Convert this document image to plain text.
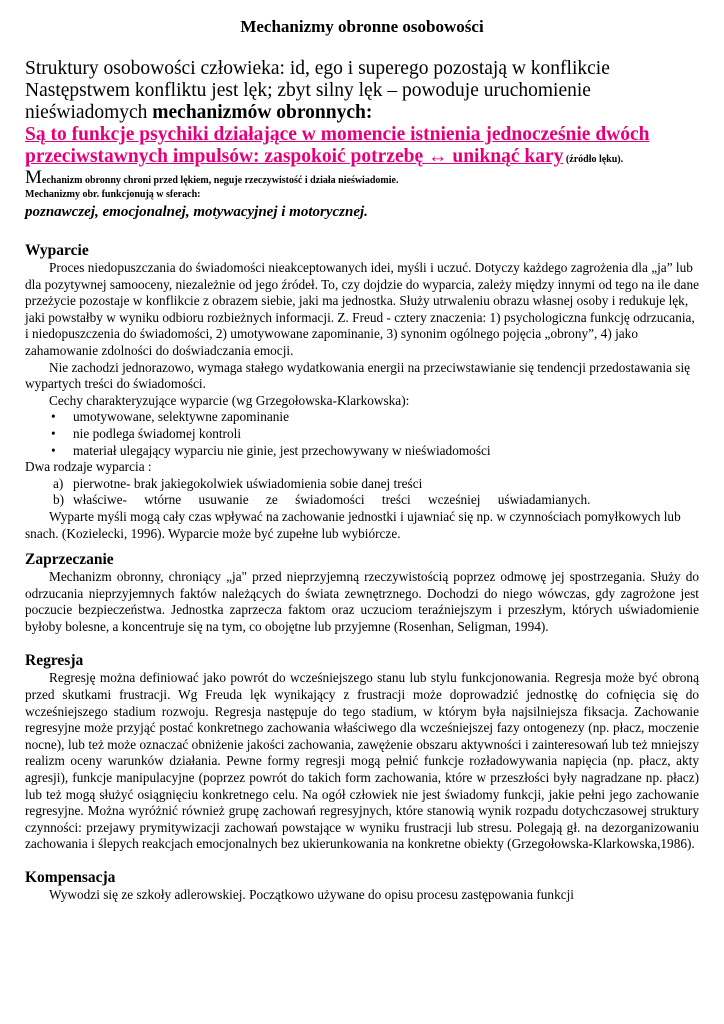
Mechanizmy obronne osobowości
Struktury osobowości człowieka: id, ego i superego pozostają w konflikcie
Następstwem konfliktu jest lęk; zbyt silny lęk – powoduje uruchomienie
nieświadomych mechanizmów obronnych:
Są to funkcje psychiki działające w momencie istnienia jednocześnie dwóch przeciwstawnych impulsów: zaspokoić potrzebę ↔ uniknąć kary (źródło lęku).
Mechanizm obronny chroni przed lękiem, neguje rzeczywistość i działa nieświadomie.
Mechanizmy obr. funkcjonują w sferach:
poznawczej, emocjonalnej, motywacyjnej i motorycznej.
Wyparcie

Proces niedopuszczania do świadomości nieakceptowanych idei, myśli i uczuć. Dotyczy każdego zagrożenia dla „ja” lub dla pozytywnej samooceny, niezależnie od jego źródeł. To, czy dojdzie do wyparcia, zależy między innymi od tego na ile dane przeżycie pozostaje w konflikcie z obrazem siebie, jaki ma jednostka. Służy utrwaleniu obrazu własnej osoby i redukuje lęk, jaki powstałby w wyniku odbioru rozbieżnych informacji. Z. Freud - cztery znaczenia: 1) psychologiczna funkcję odrzucania, i niedopuszczenia do świadomości, 2) umotywowane zapominanie, 3) synonim ogólnego pojęcia „obrony”, 4) jako zahamowanie zdolności do doświadczania emocji.

Nie zachodzi jednorazowo, wymaga stałego wydatkowania energii na przeciwstawianie się tendencji przedostawania się wypartych treści do świadomości.

Cechy charakteryzujące wyparcie (wg Grzegołowska-Klarkowska):

• umotywowane, selektywne zapominanie
• nie podlega świadomej kontroli
• materiał ulegający wyparciu nie ginie, jest przechowywany w nieświadomości

Dwa rodzaje wyparcia :

a) pierwotne- brak jakiegokolwiek uświadomienia sobie danej treści
b) właściwe- wtórne usuwanie ze świadomości treści wcześniej uświadamianych.

Wyparte myśli mogą cały czas wpływać na zachowanie jednostki i ujawniać się np. w czynnościach pomyłkowych lub snach. (Kozielecki, 1996). Wyparcie może być zupełne lub wybiórcze.

Zaprzeczanie

Mechanizm obronny, chroniący „ja" przed nieprzyjemną rzeczywistością poprzez odmowę jej spostrzegania. Służy do odrzucania nieprzyjemnych faktów należących do świata zewnętrznego. Dochodzi do niego wówczas, gdy zagrożone jest poczucie bezpieczeństwa. Jednostka zaprzecza faktom oraz uczuciom teraźniejszym i przeszłym, których uświadomienie byłoby bolesne, a koncentruje się na tym, co obojętne lub przyjemne (Rosenhan, Seligman, 1994).

Regresja

Regresję można definiować jako powrót do wcześniejszego stanu lub stylu funkcjonowania. Regresja może być obroną przed skutkami frustracji. Wg Freuda lęk wynikający z frustracji może doprowadzić jednostkę do cofnięcia się do wcześniejszego stadium rozwoju. Regresja następuje do tego stadium, w którym była najsilniejsza fiksacja. Zachowanie regresyjne może przyjąć postać konkretnego zachowania właściwego dla wcześniejszej fazy ontogenezy (np. płacz, moczenie nocne), lub też może oznaczać obniżenie jakości zachowania, zawężenie obszaru aktywności i zainteresowań lub też mniejszy realizm oceny warunków działania. Pewne formy regresji mogą pełnić funkcje rozładowywania napięcia (np. płacz, akty agresji), funkcje manipulacyjne (poprzez powrót do takich form zachowania, które w przeszłości były nagradzane np. płacz) lub też mogą służyć osiągnięciu konkretnego celu. Na ogół człowiek nie jest świadomy funkcji, jakie pełni jego zachowanie regresyjne. Można wyróżnić również grupę zachowań regresyjnych, które stanowią wynik rozpadu dotychczasowej struktury czynności: przejawy prymitywizacji zachowań powstające w wyniku frustracji lub stresu. Polegają gł. na dezorganizowaniu zachowania i ślepych reakcjach emocjonalnych bez ukierunkowania na konkretne obiekty (Grzegołowska-Klarkowska,1986).

Kompensacja

Wywodzi się ze szkoły adlerowskiej. Początkowo używane do opisu procesu zastępowania funkcji
